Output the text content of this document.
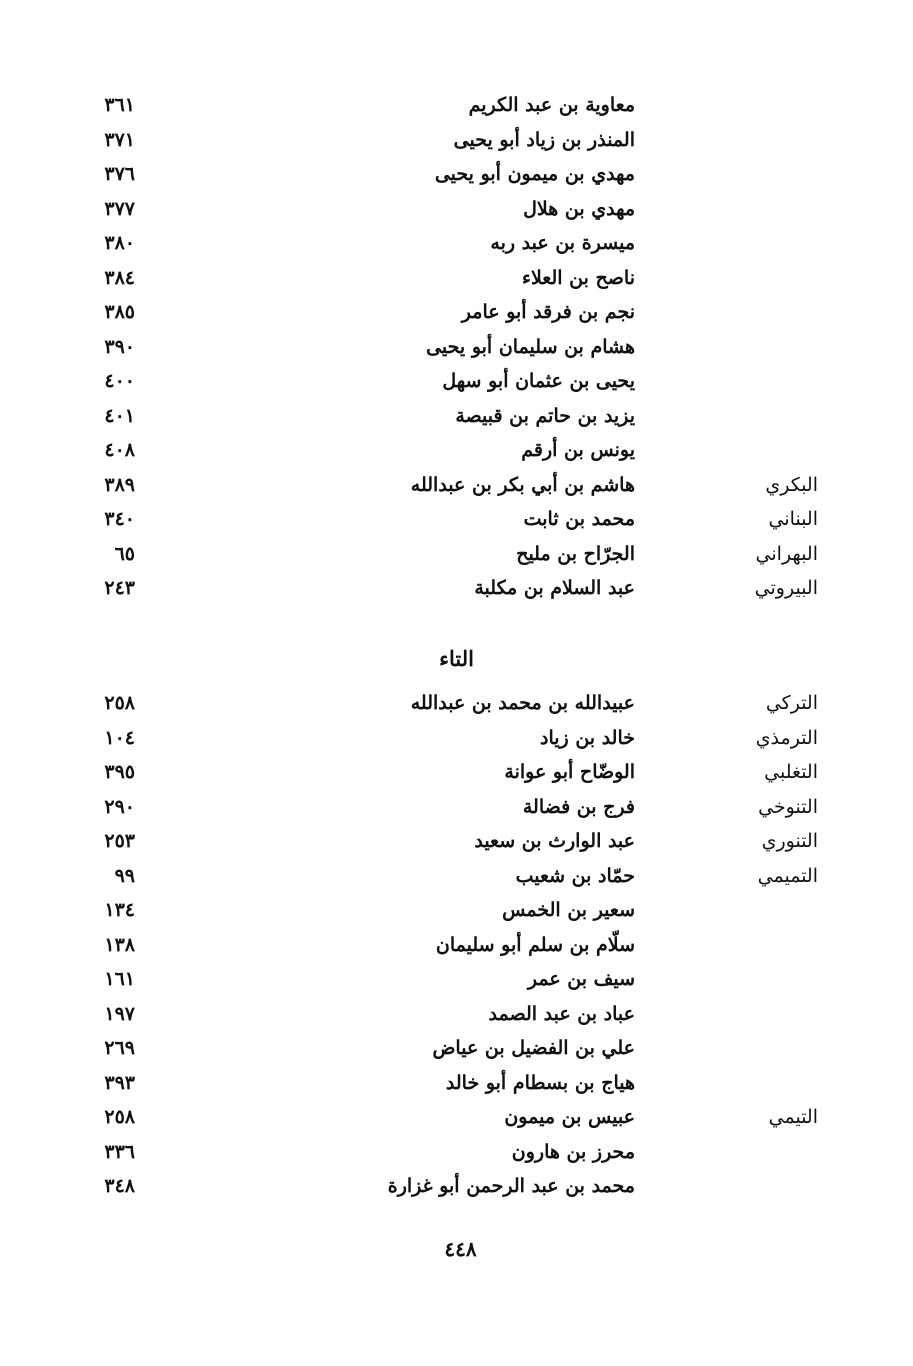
معاوية بن عبد الكريم
٣٦١
المنذر بن زياد أبو يحيى
٣٧١
مهدي بن ميمون أبو يحيى
٣٧٦
مهدي بن هلال
٣٧٧
ميسرة بن عبد ربه
٣٨٠
ناصح بن العلاء
٣٨٤
نجم بن فرقد أبو عامر
٣٨٥
هشام بن سليمان أبو يحيى
٣٩٠
يحيى بن عثمان أبو سهل
٤٠٠
يزيد بن حاتم بن قبيصة
٤٠١
يونس بن أرقم
٤٠٨
البكري
هاشم بن أبي بكر بن عبدالله
٣٨٩
البناني
محمد بن ثابت
٣٤٠
البهراني
الجرّاح بن مليح
٦٥
البيروتي
عبد السلام بن مكلبة
٢٤٣
التاء
التركي
عبيدالله بن محمد بن عبدالله
٢٥٨
الترمذي
خالد بن زياد
١٠٤
التغلبي
الوضّاح أبو عوانة
٣٩٥
التنوخي
فرج بن فضالة
٢٩٠
التنوري
عبد الوارث بن سعيد
٢٥٣
التميمي
حمّاد بن شعيب
٩٩
سعير بن الخمس
١٣٤
سلّام بن سلم أبو سليمان
١٣٨
سيف بن عمر
١٦١
عباد بن عبد الصمد
١٩٧
علي بن الفضيل بن عياض
٢٦٩
هياج بن بسطام أبو خالد
٣٩٣
التيمي
عبيس بن ميمون
٢٥٨
محرز بن هارون
٣٣٦
محمد بن عبد الرحمن أبو غزارة
٣٤٨
٤٤٨
